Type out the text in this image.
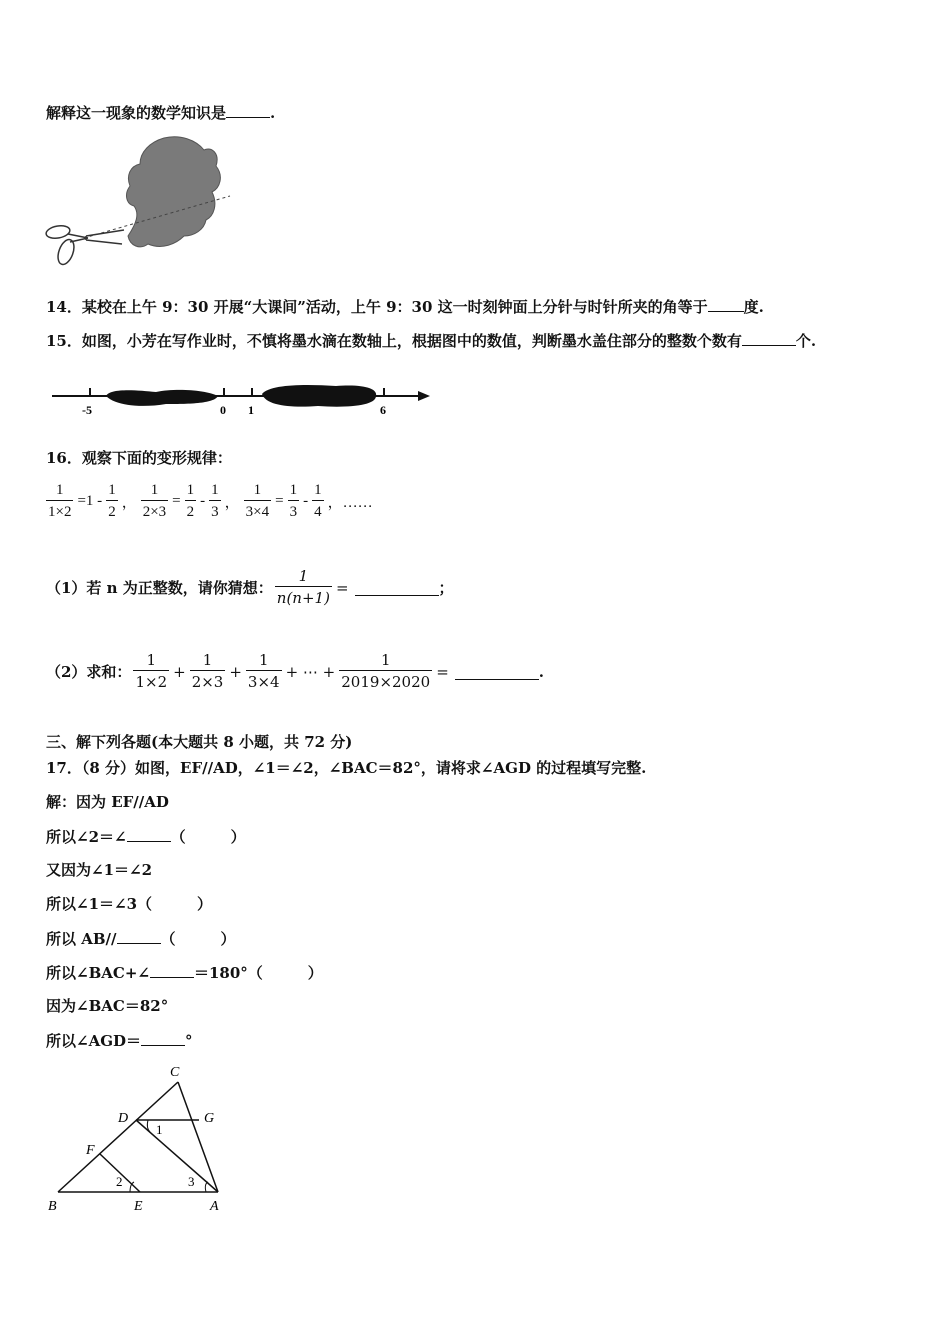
解释这一现象的数学知识是	.
14．某校在上午 9：30 开展“大课间”活动，上午 9：30 这一时刻钟面上分针与时针所夹的角等于 度.
15．如图，小芳在写作业时，不慎将墨水滴在数轴上，根据图中的数值，判断墨水盖住部分的整数个数有	个.
-5	0 1	6
16．观察下面的变形规律：
$\frac{1}{1\times 2} =1 - \frac{1}{2}$ ， $\frac{1}{2\times 3} = \frac{1}{2} - \frac{1}{3}$ ， $\frac{1}{3\times 4} = \frac{1}{3} - \frac{1}{4}$ ，……
（1）若 n 为正整数，请你猜想： $\frac{1}{n(n+1)}$ =	；
（2）求和： $\frac{1}{1\times 2} + \frac{1}{2\times 3} + \frac{1}{3\times 4}$ + ⋯ + $\frac{1}{2019\times 2020}$ =	.
三、解下列各题(本大题共 8 小题，共 72 分)
17．（8 分）如图，EF//AD，∠1＝∠2，∠BAC＝82°，请将求∠AGD 的过程填写完整.
解：因为 EF//AD
所以∠2＝∠	（　　　）
又因为∠1＝∠2
所以∠1＝∠3（　　　）
所以 AB//	（　　　）
所以∠BAC+∠	＝180°（　　　）
因为∠BAC＝82°
所以∠AGD＝	°
C
D	G
F
B	E	A
1
2	3
